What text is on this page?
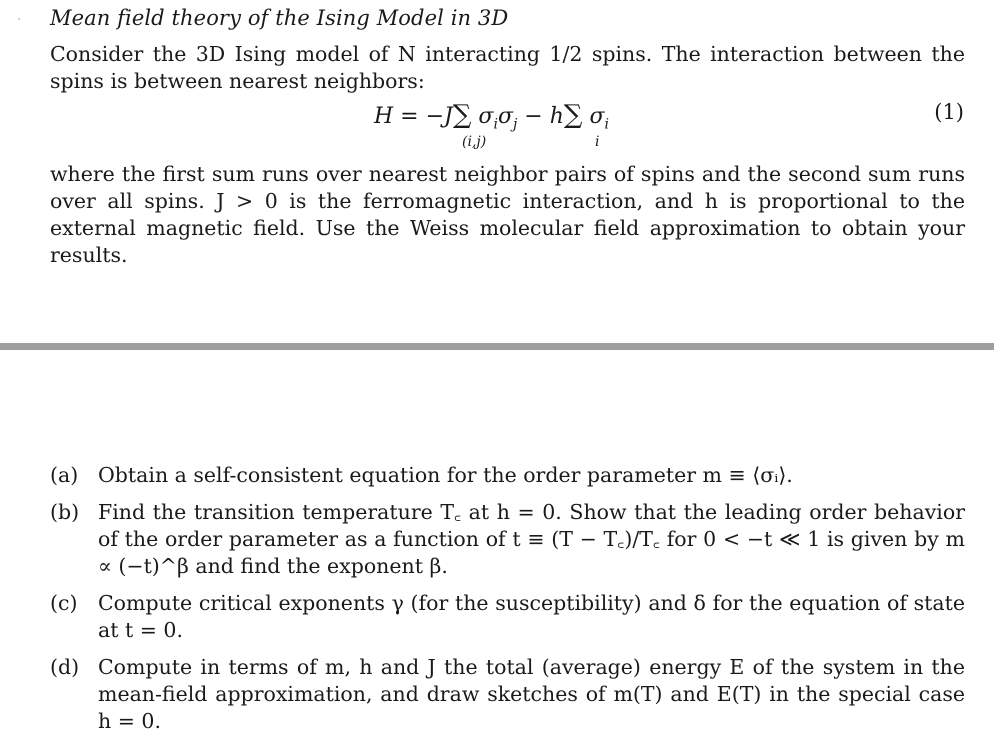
Mean field theory of the Ising Model in 3D
Consider the 3D Ising model of N interacting 1/2 spins. The interaction between the spins is between nearest neighbors:
H = −J∑ $\sigma_i\sigma_j - h\sum$ $\sigma_i$
(1)
(i,j)	i
where the first sum runs over nearest neighbor pairs of spins and the second sum runs over all spins. J > 0 is the ferromagnetic interaction, and h is proportional to the external magnetic field. Use the Weiss molecular field approximation to obtain your results.
(a) Obtain a self-consistent equation for the order parameter m ≡ ⟨σᵢ⟩.
(b) Find the transition temperature T꜀ at h = 0. Show that the leading order behavior of the order parameter as a function of t ≡ (T − T꜀)/T꜀ for 0 < −t ≪ 1 is given by m ∝ (−t)^β and find the exponent β.
(c) Compute critical exponents γ (for the susceptibility) and δ for the equation of state at t = 0.
(d) Compute in terms of m, h and J the total (average) energy E of the system in the mean-field approximation, and draw sketches of m(T) and E(T) in the special case h = 0.
